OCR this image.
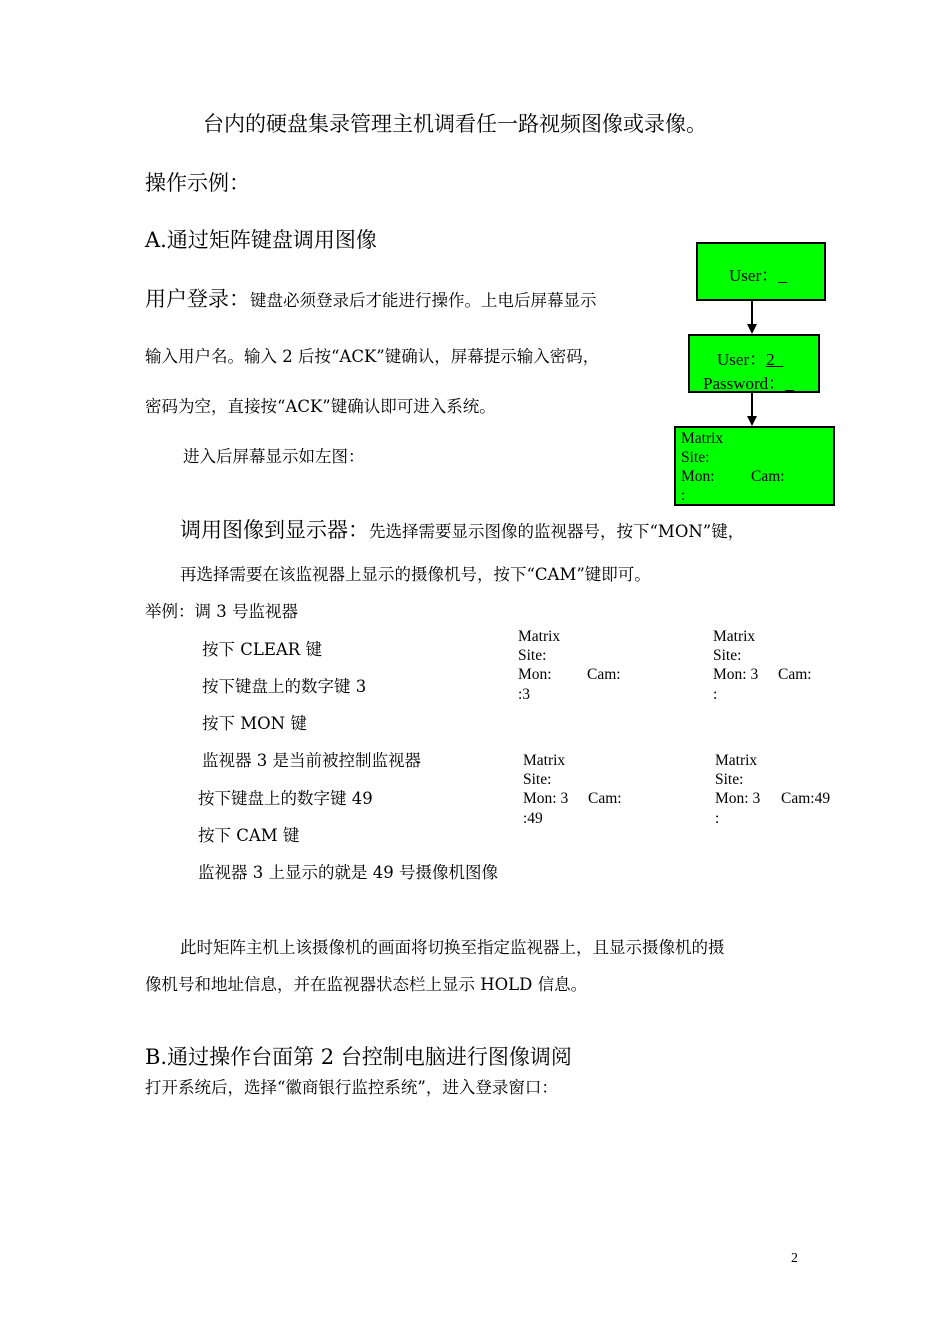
台内的硬盘集录管理主机调看任一路视频图像或录像。
操作示例：
A.通过矩阵键盘调用图像
用户登录： 键盘必须登录后才能进行操作。上电后屏幕显示
输入用户名。输入 2 后按“ACK”键确认，屏幕提示输入密码，
密码为空，直接按“ACK”键确认即可进入系统。
进入后屏幕显示如左图：
User：_
User：2_
Password：_
Matrix
Site:
Mon: Cam:
:
调用图像到显示器： 先选择需要显示图像的监视器号，按下“MON”键，
再选择需要在该监视器上显示的摄像机号，按下“CAM”键即可。
举例：调 3 号监视器
按下 CLEAR 键
按下键盘上的数字键 3
按下 MON 键
监视器 3 是当前被控制监视器
按下键盘上的数字键 49
按下 CAM 键
监视器 3 上显示的就是 49 号摄像机图像
Matrix
Site:
Mon: Cam:
:3
Matrix
Site:
Mon: 3 Cam:
:
Matrix
Site:
Mon: 3 Cam:
:49
Matrix
Site:
Mon: 3 Cam:49
:
此时矩阵主机上该摄像机的画面将切换至指定监视器上，且显示摄像机的摄
像机号和地址信息，并在监视器状态栏上显示 HOLD 信息。
B.通过操作台面第 2 台控制电脑进行图像调阅
打开系统后，选择“徽商银行监控系统”，进入登录窗口：
2
